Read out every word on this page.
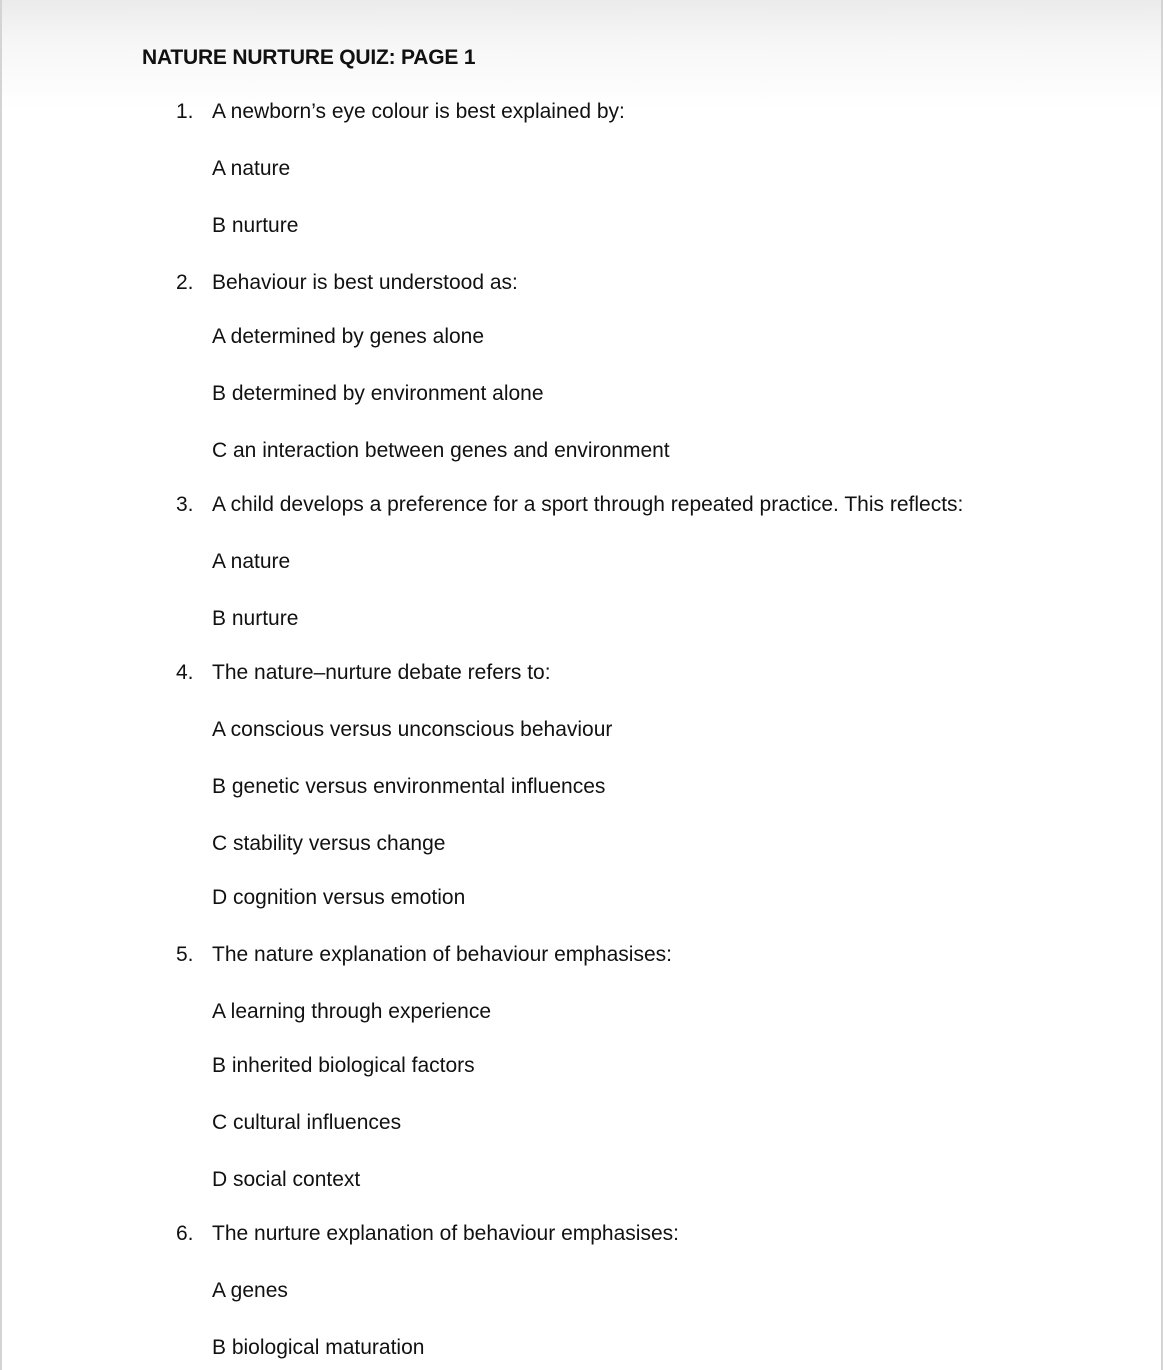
NATURE NURTURE QUIZ: PAGE 1
1. A newborn’s eye colour is best explained by:
A nature
B nurture
2. Behaviour is best understood as:
A determined by genes alone
B determined by environment alone
C an interaction between genes and environment
3. A child develops a preference for a sport through repeated practice. This reflects:
A nature
B nurture
4. The nature–nurture debate refers to:
A conscious versus unconscious behaviour
B genetic versus environmental influences
C stability versus change
D cognition versus emotion
5. The nature explanation of behaviour emphasises:
A learning through experience
B inherited biological factors
C cultural influences
D social context
6. The nurture explanation of behaviour emphasises:
A genes
B biological maturation
